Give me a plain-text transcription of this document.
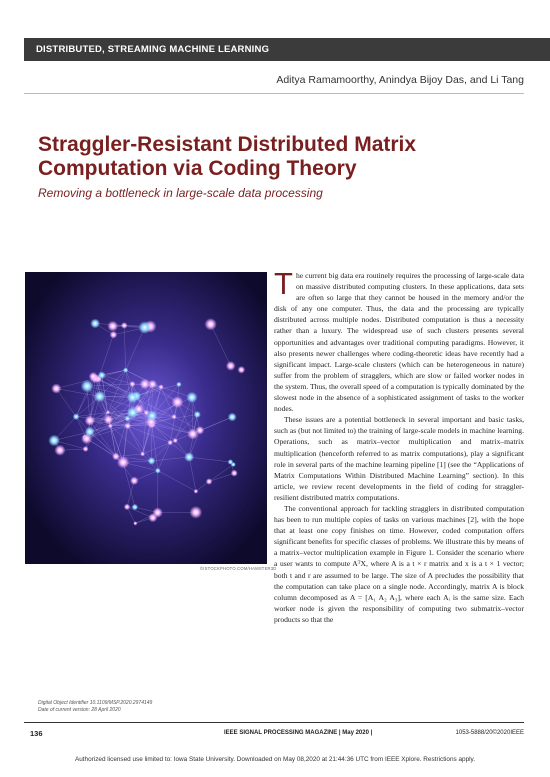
DISTRIBUTED, STREAMING MACHINE LEARNING
Aditya Ramamoorthy, Anindya Bijoy Das, and Li Tang
Straggler-Resistant Distributed Matrix Computation via Coding Theory
Removing a bottleneck in large-scale data processing
©ISTOCKPHOTO.COM/HAMSTER3D
Digital Object Identifier 10.1109/MSP.2020.2974149
Date of current version: 28 April 2020

The current big data era routinely requires the processing of large-scale data on massive distributed computing clusters. In these applications, data sets are often so large that they cannot be housed in the memory and/or the disk of any one computer. Thus, the data and the processing are typically distributed across multiple nodes. Distributed computation is thus a necessity rather than a luxury. The widespread use of such clusters presents several opportunities and advantages over traditional computing paradigms. However, it also presents newer challenges where coding-theoretic ideas have recently had a significant impact. Large-scale clusters (which can be heterogeneous in nature) suffer from the problem of stragglers, which are slow or failed worker nodes in the system. Thus, the overall speed of a computation is typically dominated by the slowest node in the absence of a sophisticated assignment of tasks to the worker nodes.

These issues are a potential bottleneck in several important and basic tasks, such as (but not limited to) the training of large-scale models in machine learning. Operations, such as matrix–vector multiplication and matrix–matrix multiplication (henceforth referred to as matrix computations), play a significant role in several parts of the machine learning pipeline [1] (see the “Applications of Matrix Computations Within Distributed Machine Learning” section). In this article, we review recent developments in the field of coding for straggler-resilient distributed matrix computations.

The conventional approach for tackling stragglers in distributed computation has been to run multiple copies of tasks on various machines [2], with the hope that at least one copy finishes on time. However, coded computation offers significant benefits for specific classes of problems. We illustrate this by means of a matrix–vector multiplication example in Figure 1. Consider the scenario where a user wants to compute AᵀX, where A is a t × r matrix and x is a t × 1 vector; both t and r are assumed to be large. The size of A precludes the possibility that the computation can take place on a single node. Accordingly, matrix A is block column decomposed as A = [A₁ A₂ A₃], where each Aᵢ is the same size. Each worker node is given the responsibility of computing two submatrix–vector products so that the

136	IEEE SIGNAL PROCESSING MAGAZINE | May 2020 |	1053-5888/20©2020IEEE
Authorized licensed use limited to: Iowa State University. Downloaded on May 08,2020 at 21:44:36 UTC from IEEE Xplore. Restrictions apply.
